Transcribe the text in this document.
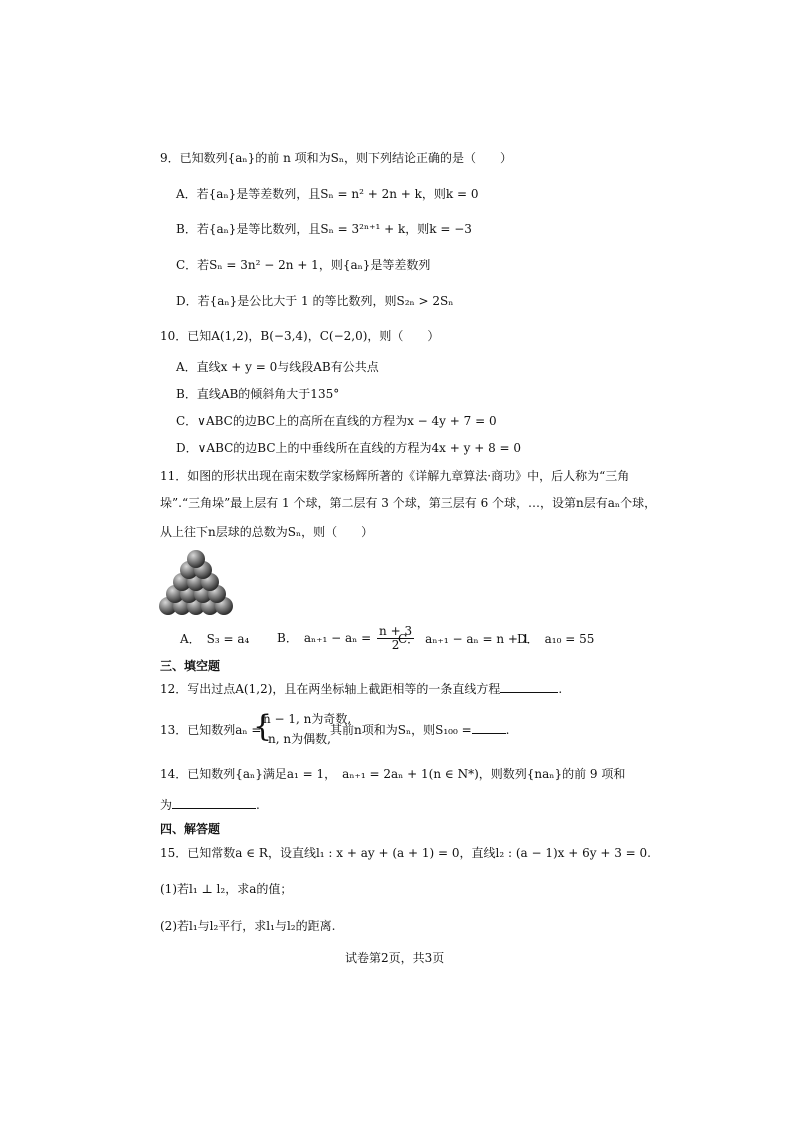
9．已知数列{aₙ}的前 n 项和为Sₙ，则下列结论正确的是（　　）
A．若{aₙ}是等差数列，且Sₙ = n² + 2n + k，则k = 0
B．若{aₙ}是等比数列，且Sₙ = 3²ⁿ⁺¹ + k，则k = −3
C．若Sₙ = 3n² − 2n + 1，则{aₙ}是等差数列
D．若{aₙ}是公比大于 1 的等比数列，则S₂ₙ > 2Sₙ
10．已知A(1,2)，B(−3,4)，C(−2,0)，则（　　）
A．直线x + y = 0与线段AB有公共点
B．直线AB的倾斜角大于135°
C．∨ABC的边BC上的高所在直线的方程为x − 4y + 7 = 0
D．∨ABC的边BC上的中垂线所在直线的方程为4x + y + 8 = 0
11．如图的形状出现在南宋数学家杨辉所著的《详解九章算法·商功》中，后人称为“三角
垛”.“三角垛”最上层有 1 个球，第二层有 3 个球，第三层有 6 个球，…，设第n层有aₙ个球，
从上往下n层球的总数为Sₙ，则（　　）
A．　S₃ = a₄ B．　$a_{n+1} - a_n = \frac{n + 3}{2}$
C．　aₙ₊₁ − aₙ = n + 1
D．　a₁₀ = 55
三、填空题
12．写出过点A(1,2)，且在两坐标轴上截距相等的一条直线方程	.
13．已知数列aₙ =
{
n − 1, n为奇数,
n, n为偶数,
其前n项和为Sₙ，则S₁₀₀ =	.
14．已知数列{aₙ}满足a₁ = 1，　aₙ₊₁ = 2aₙ + 1(n ∈ N*)，则数列{naₙ}的前 9 项和
为	.
四、解答题
15．已知常数a ∈ R，设直线l₁ : x + ay + (a + 1) = 0，直线l₂ : (a − 1)x + 6y + 3 = 0.
(1)若l₁ ⊥ l₂，求a的值；
(2)若l₁与l₂平行，求l₁与l₂的距离.
试卷第2页，共3页
